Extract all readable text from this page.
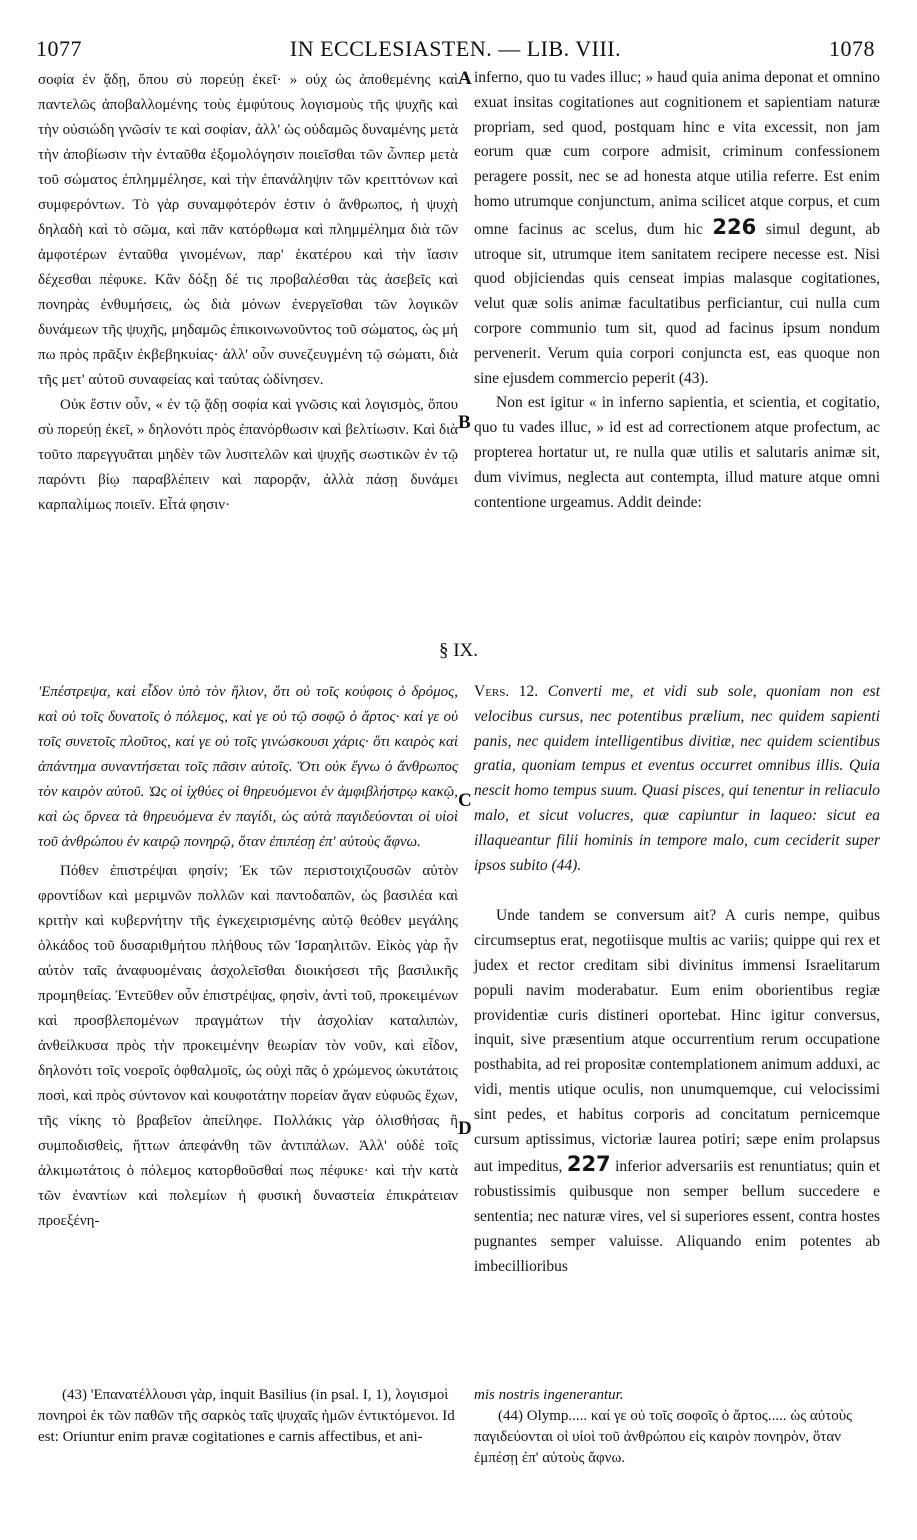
1077	IN ECCLESIASTEN. — LIB. VIII.	1078

σοφία ἐν ᾅδῃ, ὅπου σὺ πορεύῃ ἐκεῖ· » οὐχ ὡς ἀποθεμένης καὶ παντελῶς ἀποβαλλομένης τοὺς ἐμφύτους λογισμοὺς τῆς ψυχῆς καὶ τὴν οὐσιώδη γνῶσίν τε καὶ σοφίαν, ἀλλ' ὡς οὐδαμῶς δυναμένης μετὰ τὴν ἀποβίωσιν τὴν ἐνταῦθα ἐξομολόγησιν ποιεῖσθαι τῶν ὧνπερ μετὰ τοῦ σώματος ἐπλημμέλησε, καὶ τὴν ἐπανάληψιν τῶν κρειττόνων καὶ συμφερόντων. Τὸ γὰρ συναμφότερόν ἐστιν ὁ ἄνθρωπος, ἡ ψυχὴ δηλαδὴ καὶ τὸ σῶμα, καὶ πᾶν κατόρθωμα καὶ πλημμέλημα διὰ τῶν ἀμφοτέρων ἐνταῦθα γινομένων, παρ' ἑκατέρου καὶ τὴν ἴασιν δέχεσθαι πέφυκε. Κἂν δόξῃ δέ τις προβαλέσθαι τὰς ἀσεβεῖς καὶ πονηρὰς ἐνθυμήσεις, ὡς διὰ μόνων ἐνεργεῖσθαι τῶν λογικῶν δυνάμεων τῆς ψυχῆς, μηδαμῶς ἐπικοινωνοῦντος τοῦ σώματος, ὡς μή πω πρὸς πρᾶξιν ἐκβεβηκυίας· ἀλλ' οὖν συνεζευγμένη τῷ σώματι, διὰ τῆς μετ' αὐτοῦ συναφείας καὶ ταύτας ὠδίνησεν.

Οὐκ ἔστιν οὖν, « ἐν τῷ ᾅδῃ σοφία καὶ γνῶσις καὶ λογισμὸς, ὅπου σὺ πορεύῃ ἐκεῖ, » δηλονότι πρὸς ἐπανόρθωσιν καὶ βελτίωσιν. Καὶ διὰ τοῦτο παρεγγυᾶται μηδὲν τῶν λυσιτελῶν καὶ ψυχῆς σωστικῶν ἐν τῷ παρόντι βίῳ παραβλέπειν καὶ παρορᾷν, ἀλλὰ πάσῃ δυνάμει καρπαλίμως ποιεῖν. Εἶτά φησιν·

inferno, quo tu vades illuc; » haud quia anima deponat et omnino exuat insitas cogitationes aut cognitionem et sapientiam naturæ propriam, sed quod, postquam hinc e vita excessit, non jam eorum quæ cum corpore admisit, criminum confessionem peragere possit, nec se ad honesta atque utilia referre. Est enim homo utrumque conjunctum, anima scilicet atque corpus, et cum omne facinus ac scelus, dum hic 226 simul degunt, ab utroque sit, utrumque item sanitatem recipere necesse est. Nisi quod objiciendas quis censeat impias malasque cogitationes, velut quæ solis animæ facultatibus perficiantur, cui nulla cum corpore communio tum sit, quod ad facinus ipsum nondum pervenerit. Verum quia corpori conjuncta est, eas quoque non sine ejusdem commercio peperit (43).

Non est igitur « in inferno sapientia, et scientia, et cogitatio, quo tu vades illuc, » id est ad correctionem atque profectum, ac propterea hortatur ut, re nulla quæ utilis et salutaris animæ sit, dum vivimus, neglecta aut contempta, illud mature atque omni contentione urgeamus. Addit deinde:

A
B
§ IX.

'Επέστρεψα, καὶ εἶδον ὑπὸ τὸν ἥλιον, ὅτι οὐ τοῖς κούφοις ὁ δρόμος, καὶ οὐ τοῖς δυνατοῖς ὁ πόλεμος, καί γε οὐ τῷ σοφῷ ὁ ἄρτος· καί γε οὐ τοῖς συνετοῖς πλοῦτος, καί γε οὐ τοῖς γινώσκουσι χάρις· ὅτι καιρὸς καὶ ἀπάντημα συναντήσεται τοῖς πᾶσιν αὐτοῖς. Ὅτι οὐκ ἔγνω ὁ ἄνθρωπος τὸν καιρὸν αὐτοῦ. Ὡς οἱ ἰχθύες οἱ θηρευόμενοι ἐν ἀμφιβλήστρῳ κακῷ, καὶ ὡς ὄρνεα τὰ θηρευόμενα ἐν παγίδι, ὡς αὐτὰ παγιδεύονται οἱ υἱοὶ τοῦ ἀνθρώπου ἐν καιρῷ πονηρῷ, ὅταν ἐπιπέσῃ ἐπ' αὐτοὺς ἄφνω.

Πόθεν ἐπιστρέψαι φησίν; Ἐκ τῶν περιστοιχιζουσῶν αὐτὸν φροντίδων καὶ μεριμνῶν πολλῶν καὶ παντοδαπῶν, ὡς βασιλέα καὶ κριτὴν καὶ κυβερνήτην τῆς ἐγκεχειρισμένης αὐτῷ θεόθεν μεγάλης ὁλκάδος τοῦ δυσαριθμήτου πλήθους τῶν Ἰσραηλιτῶν. Εἰκὸς γὰρ ἦν αὐτὸν ταῖς ἀναφυομέναις ἀσχολεῖσθαι διοικήσεσι τῆς βασιλικῆς προμηθείας. Ἐντεῦθεν οὖν ἐπιστρέψας, φησὶν, ἀντὶ τοῦ, προκειμένων καὶ προσβλεπομένων πραγμάτων τὴν ἀσχολίαν καταλιπὼν, ἀνθείλκυσα πρὸς τὴν προκειμένην θεωρίαν τὸν νοῦν, καὶ εἶδον, δηλονότι τοῖς νοεροῖς ὀφθαλμοῖς, ὡς οὐχὶ πᾶς ὁ χρώμενος ὠκυτάτοις ποσὶ, καὶ πρὸς σύντονον καὶ κουφοτάτην πορείαν ἄγαν εὐφυῶς ἔχων, τῆς νίκης τὸ βραβεῖον ἀπείληφε. Πολλάκις γὰρ ὀλισθήσας ἢ συμποδισθεὶς, ἥττων ἀπεφάνθη τῶν ἀντιπάλων. Ἀλλ' οὐδὲ τοῖς ἀλκιμωτάτοις ὁ πόλεμος κατορθοῦσθαί πως πέφυκε· καὶ τὴν κατὰ τῶν ἐναντίων καὶ πολεμίων ἡ φυσικὴ δυναστεία ἐπικράτειαν προεξένη-

Vers. 12. Converti me, et vidi sub sole, quoniam non est velocibus cursus, nec potentibus prælium, nec quidem sapienti panis, nec quidem intelligentibus divitiæ, nec quidem scientibus gratia, quoniam tempus et eventus occurret omnibus illis. Quia nescit homo tempus suum. Quasi pisces, qui tenentur in reliaculo malo, et sicut volucres, quæ capiuntur in laqueo: sicut ea illaqueantur filii hominis in tempore malo, cum ceciderit super ipsos subito (44).

Unde tandem se conversum ait? A curis nempe, quibus circumseptus erat, negotiisque multis ac variis; quippe qui rex et judex et rector creditam sibi divinitus immensi Israelitarum populi navim moderabatur. Eum enim oborientibus regiæ providentiæ curis distineri oportebat. Hinc igitur conversus, inquit, sive præsentium atque occurrentium rerum occupatione posthabita, ad rei propositæ contemplationem animum adduxi, ac vidi, mentis utique oculis, non unumquemque, cui velocissimi sint pedes, et habitus corporis ad concitatum pernicemque cursum aptissimus, victoriæ laurea potiri; sæpe enim prolapsus aut impeditus, 227 inferior adversariis est renuntiatus; quin et robustissimis quibusque non semper bellum succedere e sententia; nec naturæ vires, vel si superiores essent, contra hostes pugnantes semper valuisse. Aliquando enim potentes ab imbecillioribus

C
D

(43) 'Επανατέλλουσι γὰρ, inquit Basilius (in psal. I, 1), λογισμοὶ πονηροὶ ἐκ τῶν παθῶν τῆς σαρκὸς ταῖς ψυχαῖς ἡμῶν ἐντικτόμενοι. Id est: Oriuntur enim pravæ cogitationes e carnis affectibus, et ani-

mis nostris ingenerantur.

(44) Olymp..... καί γε οὐ τοῖς σοφοῖς ὁ ἄρτος..... ὡς αὐτοὺς παγιδεύονται οἱ υἱοὶ τοῦ ἀνθρώπου εἰς καιρὸν πονηρὸν, ὅταν ἐμπέσῃ ἐπ' αὐτοὺς ἄφνω.
